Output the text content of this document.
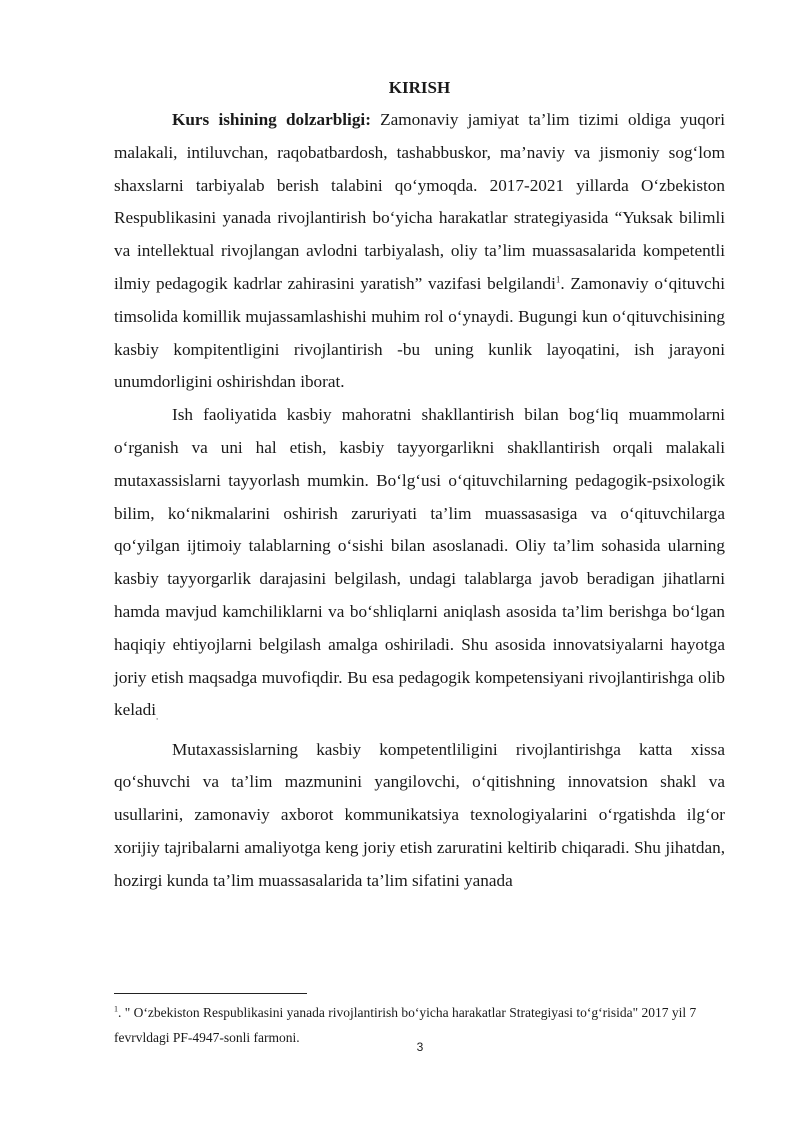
KIRISH

Kurs ishining dolzarbligi: Zamonaviy jamiyat ta’lim tizimi oldiga yuqori malakali, intiluvchan, raqobatbardosh, tashabbuskor, ma’naviy va jismoniy sog‘lom shaxslarni tarbiyalab berish talabini qo‘ymoqda. 2017-2021 yillarda O‘zbekiston Respublikasini yanada rivojlantirish bo‘yicha harakatlar strategiyasida “Yuksak bilimli va intellektual rivojlangan avlodni tarbiyalash, oliy ta’lim muassasalarida kompetentli ilmiy pedagogik kadrlar zahirasini yaratish” vazifasi belgilandi$^1$. Zamonaviy o‘qituvchi timsolida komillik mujassamlashishi muhim rol o‘ynaydi. Bugungi kun o‘qituvchisining kasbiy kompitentligini rivojlantirish -bu uning kunlik layoqatini, ish jarayoni unumdorligini oshirishdan iborat.

Ish faoliyatida kasbiy mahoratni shakllantirish bilan bog‘liq muammolarni o‘rganish va uni hal etish, kasbiy tayyorgarlikni shakllantirish orqali malakali mutaxassislarni tayyorlash mumkin. Bo‘lg‘usi o‘qituvchilarning pedagogik-psixologik bilim, ko‘nikmalarini oshirish zaruriyati ta’lim muassasasiga va o‘qituvchilarga qo‘yilgan ijtimoiy talablarning o‘sishi bilan asoslanadi. Oliy ta’lim sohasida ularning kasbiy tayyorgarlik darajasini belgilash, undagi talablarga javob beradigan jihatlarni hamda mavjud kamchiliklarni va bo‘shliqlarni aniqlash asosida ta’lim berishga bo‘lgan haqiqiy ehtiyojlarni belgilash amalga oshiriladi. Shu asosida innovatsiyalarni hayotga joriy etish maqsadga muvofiqdir. Bu esa pedagogik kompetensiyani rivojlantirishga olib keladi$_.$

Mutaxassislarning kasbiy kompetentliligini rivojlantirishga katta xissa qo‘shuvchi va ta’lim mazmunini yangilovchi, o‘qitishning innovatsion shakl va usullarini, zamonaviy axborot kommunikatsiya texnologiyalarini o‘rgatishda ilg‘or xorijiy tajribalarni amaliyotga keng joriy etish zaruratini keltirib chiqaradi. Shu jihatdan, hozirgi kunda ta’lim muassasalarida ta’lim sifatini yanada

$^1$. " O‘zbekiston Respublikasini yanada rivojlantirish bo‘yicha harakatlar Strategiyasi to‘g‘risida" 2017 yil 7 fevrvldagi PF-4947-sonli farmoni.
3
